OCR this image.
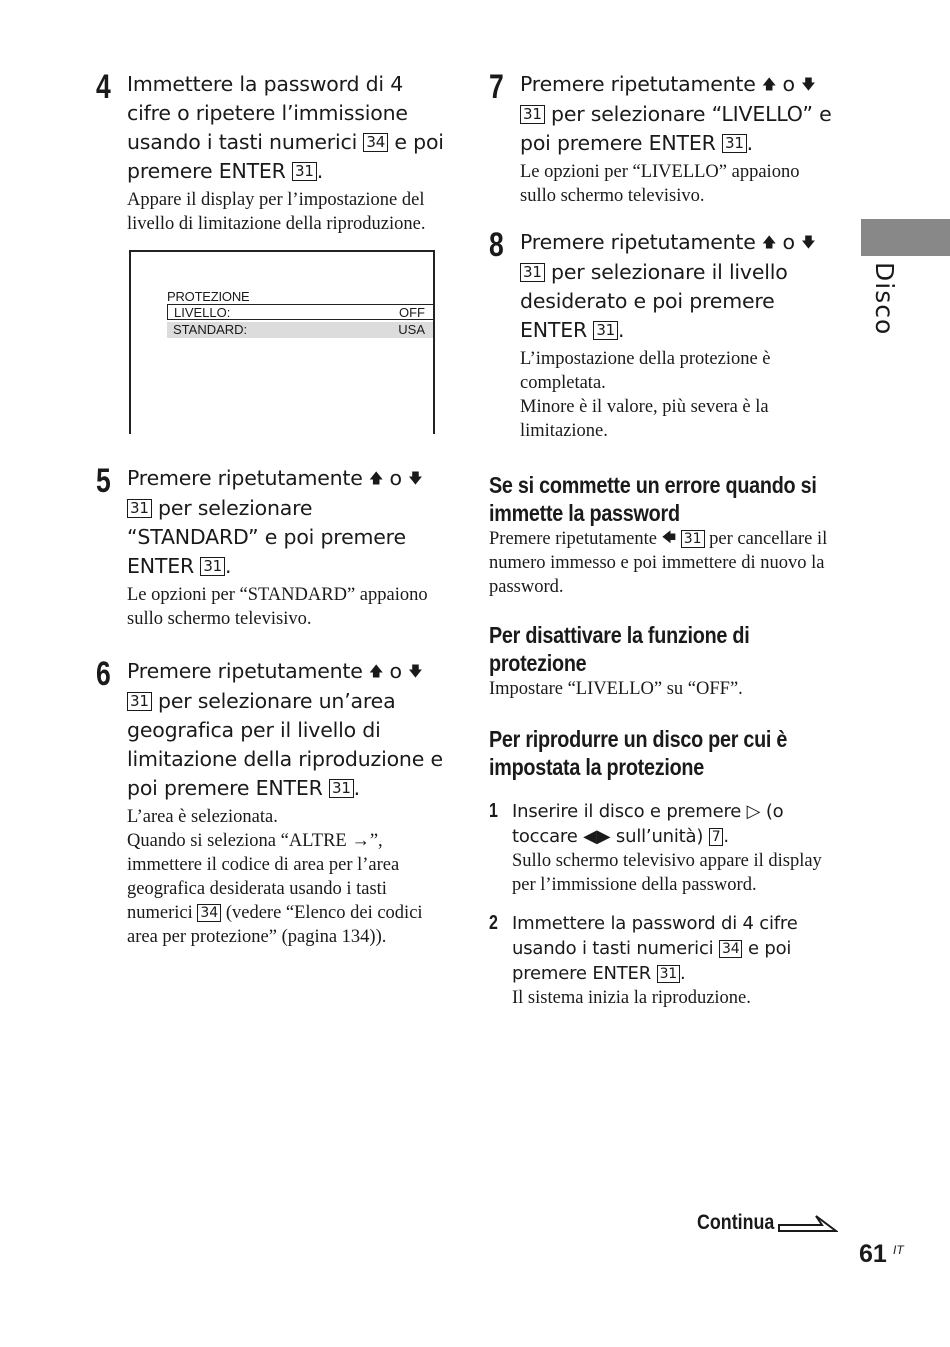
Disco
4 Immettere la password di 4 cifre o ripetere l’immissione usando i tasti numerici 34 e poi premere ENTER 31 .
Appare il display per l’impostazione del livello di limitazione della riproduzione.
PROTEZIONE
LIVELLO:	OFF
STANDARD:	USA
5 Premere ripetutamente 🡅 o 🡇
31 per selezionare “STANDARD” e poi premere ENTER 31 .
Le opzioni per “STANDARD” appaiono sullo schermo televisivo.
6 Premere ripetutamente 🡅 o 🡇
31 per selezionare un’area geografica per il livello di limitazione della riproduzione e poi premere ENTER 31 .
L’area è selezionata.
Quando si seleziona “ALTRE →”, immettere il codice di area per l’area geografica desiderata usando i tasti numerici 34 (vedere “Elenco dei codici area per protezione” (pagina 134)).
7 Premere ripetutamente 🡅 o 🡇
31 per selezionare “LIVELLO” e poi premere ENTER 31 .
Le opzioni per “LIVELLO” appaiono sullo schermo televisivo.
8 Premere ripetutamente 🡅 o 🡇
31 per selezionare il livello desiderato e poi premere ENTER 31 .
L’impostazione della protezione è completata.
Minore è il valore, più severa è la limitazione.
Se si commette un errore quando si immette la password
Premere ripetutamente 🡄 31 per cancellare il numero immesso e poi immettere di nuovo la password.
Per disattivare la funzione di protezione
Impostare “LIVELLO” su “OFF”.
Per riprodurre un disco per cui è impostata la protezione
1 Inserire il disco e premere ▷ (o toccare ◀▶ sull’unità) 7 .
Sullo schermo televisivo appare il display per l’immissione della password.
2 Immettere la password di 4 cifre usando i tasti numerici 34 e poi premere ENTER 31 .
Il sistema inizia la riproduzione.
Continua
61 IT
